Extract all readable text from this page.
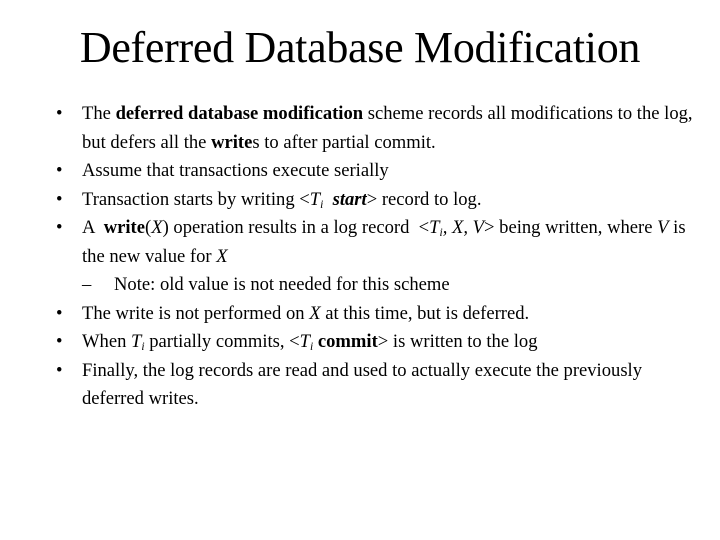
Deferred Database Modification
• The deferred database modification scheme records all modifications to the log, but defers all the writes to after partial commit.
• Assume that transactions execute serially
• Transaction starts by writing $<T_i$ start> record to log.
• A  write(X) operation results in a log record  $<T_i$, X, V> being written, where V is the new value for X
– Note: old value is not needed for this scheme
• The write is not performed on X at this time, but is deferred.
• When $T_i$ partially commits, $<T_i$ commit> is written to the log
• Finally, the log records are read and used to actually execute the previously deferred writes.
